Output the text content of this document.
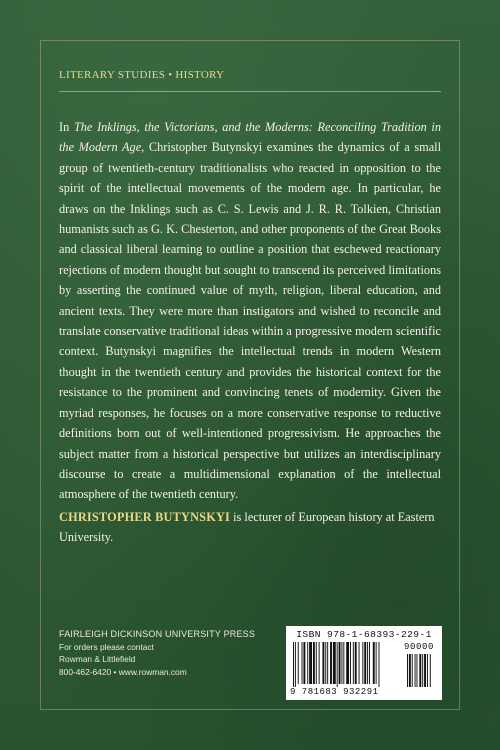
LITERARY STUDIES • HISTORY

In The Inklings, the Victorians, and the Moderns: Reconciling Tradition in the Modern Age, Christopher Butynskyi examines the dynamics of a small group of twentieth-century traditionalists who reacted in opposition to the spirit of the intellectual movements of the modern age. In particular, he draws on the Inklings such as C. S. Lewis and J. R. R. Tolkien, Christian humanists such as G. K. Chesterton, and other proponents of the Great Books and classical liberal learning to outline a position that eschewed reactionary rejections of modern thought but sought to transcend its perceived limitations by asserting the continued value of myth, religion, liberal education, and ancient texts. They were more than instigators and wished to reconcile and translate conservative traditional ideas within a progressive modern scientific context. Butynskyi magnifies the intellectual trends in modern Western thought in the twentieth century and provides the historical context for the resistance to the prominent and convincing tenets of modernity. Given the myriad responses, he focuses on a more conservative response to reductive definitions born out of well-intentioned progressivism. He approaches the subject matter from a historical perspective but utilizes an interdisciplinary discourse to create a multidimensional explanation of the intellectual atmosphere of the twentieth century.

CHRISTOPHER BUTYNSKYI is lecturer of European history at Eastern University.

FAIRLEIGH DICKINSON UNIVERSITY PRESS
For orders please contact
Rowman & Littlefield
800-462-6420 • www.rowman.com
ISBN 978-1-68393-229-1
9 781683 932291
90000
